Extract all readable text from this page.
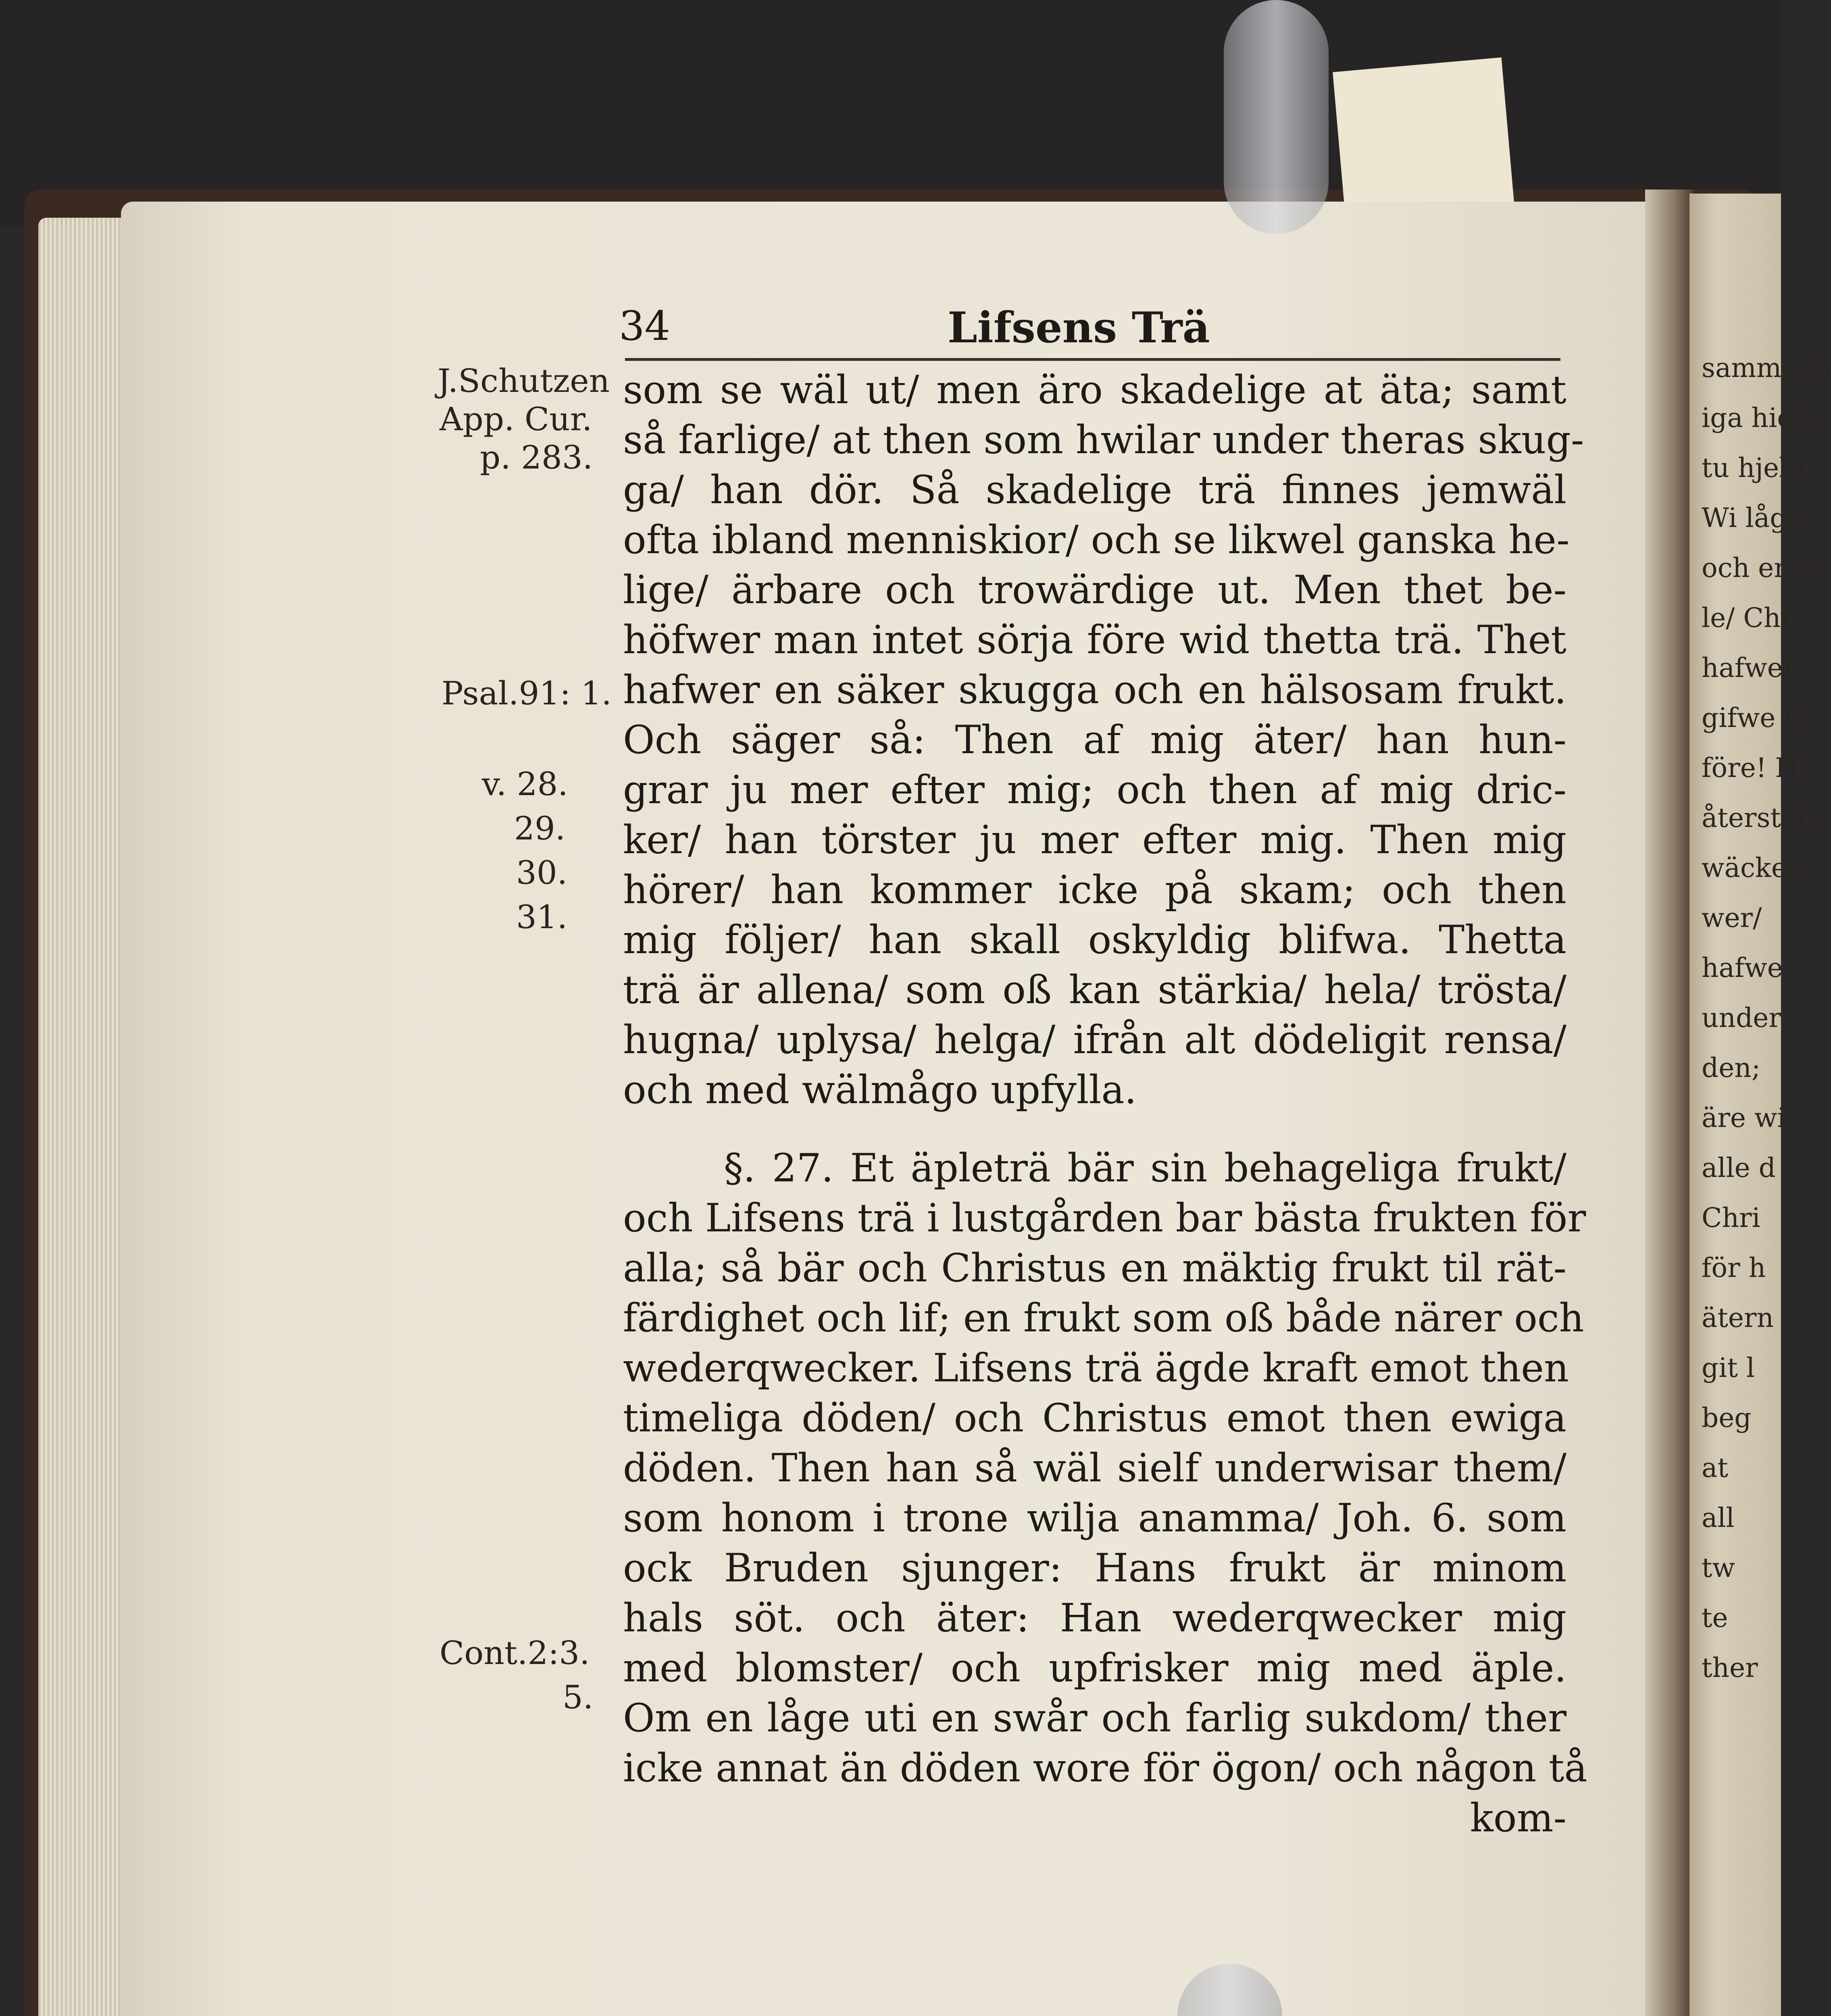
samme m
iga hielp
tu hjelp
Wi låge
och en w
le/ Chr
hafwer
gifwe G
före! H
återstån
wäcker
wer/
hafwe
under
den;
äre wi
alle d
Chri
för h
ätern
git l
beg
at
all
tw
te
ther
34	Lifsens Trä
J.Schutzen
App. Cur.
p. 283.
Psal.91: 1.
v. 28.
29.
30.
31.
Cont.2:3.
5.
som se wäl ut/ men äro skadelige at äta; samt
så farlige/ at then som hwilar under theras skug-
ga/ han dör. Så skadelige trä finnes jemwäl
ofta ibland menniskior/ och se likwel ganska he-
lige/ ärbare och trowärdige ut. Men thet be-
höfwer man intet sörja före wid thetta trä. Thet
hafwer en säker skugga och en hälsosam frukt.
Och säger så: Then af mig äter/ han hun-
grar ju mer efter mig; och then af mig dric-
ker/ han törster ju mer efter mig. Then mig
hörer/ han kommer icke på skam; och then
mig följer/ han skall oskyldig blifwa. Thetta
trä är allena/ som oß kan stärkia/ hela/ trösta/
hugna/ uplysa/ helga/ ifrån alt dödeligit rensa/
och med wälmågo upfylla.
§. 27. Et äpleträ bär sin behageliga frukt/
och Lifsens trä i lustgården bar bästa frukten för
alla; så bär och Christus en mäktig frukt til rät-
färdighet och lif; en frukt som oß både närer och
wederqwecker. Lifsens trä ägde kraft emot then
timeliga döden/ och Christus emot then ewiga
döden. Then han så wäl sielf underwisar them/
som honom i trone wilja anamma/ Joh. 6. som
ock Bruden sjunger: Hans frukt är minom
hals söt. och äter: Han wederqwecker mig
med blomster/ och upfrisker mig med äple.
Om en låge uti en swår och farlig sukdom/ ther
icke annat än döden wore för ögon/ och någon tå
kom-
